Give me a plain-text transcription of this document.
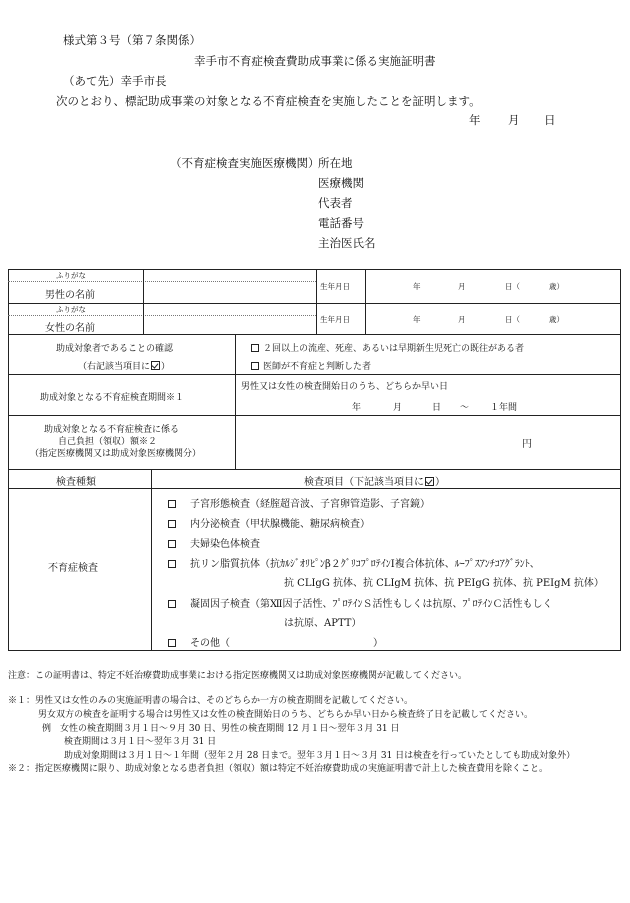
様式第３号（第７条関係）
幸手市不育症検査費助成事業に係る実施証明書
（あて先）幸手市長
次のとおり、標記助成事業の対象となる不育症検査を実施したことを証明します。
年 月 日
（不育症検査実施医療機関）
所在地
医療機関
代表者
電話番号
主治医氏名
ふりがな
男性の名前
生年月日	年	月	日（	歳）
ふりがな
女性の名前
生年月日	年	月	日（	歳）
助成対象者であることの確認
（右記該当項目に ）
２回以上の流産、死産、あるいは早期新生児死亡の既往がある者
医師が不育症と判断した者
助成対象となる不育症検査期間※１
男性又は女性の検査開始日のうち、どちらか早い日
年	月	日 〜 １年間
助成対象となる不育症検査に係る
自己負担（領収）額※２
（指定医療機関又は助成対象医療機関分）
円
検査種類	検査項目（下記該当項目に ）
不育症検査
　子宮形態検査（経腟超音波、子宮卵管造影、子宮鏡）
　内分泌検査（甲状腺機能、糖尿病検査）
　夫婦染色体検査
　抗リン脂質抗体（抗ｶﾙｼﾞｵﾘﾋﾟﾝβ２ｸﾞﾘｺﾌﾟﾛﾃｲﾝⅠ複合体抗体、ﾙｰﾌﾟｽｱﾝﾁｺｱｸﾞﾗﾝﾄ、
抗 CLIgG 抗体、抗 CLIgM 抗体、抗 PEIgG 抗体、抗 PEIgM 抗体）
　凝固因子検査（第Ⅻ因子活性、ﾌﾟﾛﾃｲﾝＳ活性もしくは抗原、ﾌﾟﾛﾃｲﾝＣ活性もしく
は抗原、APTT）
　その他（	）
注意：この証明書は、特定不妊治療費助成事業における指定医療機関又は助成対象医療機関が記載してください。
※１：男性又は女性のみの実施証明書の場合は、そのどちらか一方の検査期間を記載してください。
男女双方の検査を証明する場合は男性又は女性の検査開始日のうち、どちらか早い日から検査終了日を記載してください。
例　女性の検査期間３月１日〜９月 30 日、男性の検査期間 12 月１日〜翌年３月 31 日
検査期間は３月１日〜翌年３月 31 日
助成対象期間は３月１日〜１年間（翌年２月 28 日まで。翌年３月１日〜３月 31 日は検査を行っていたとしても助成対象外）
※２：指定医療機関に限り、助成対象となる患者負担（領収）額は特定不妊治療費助成の実施証明書で計上した検査費用を除くこと。
